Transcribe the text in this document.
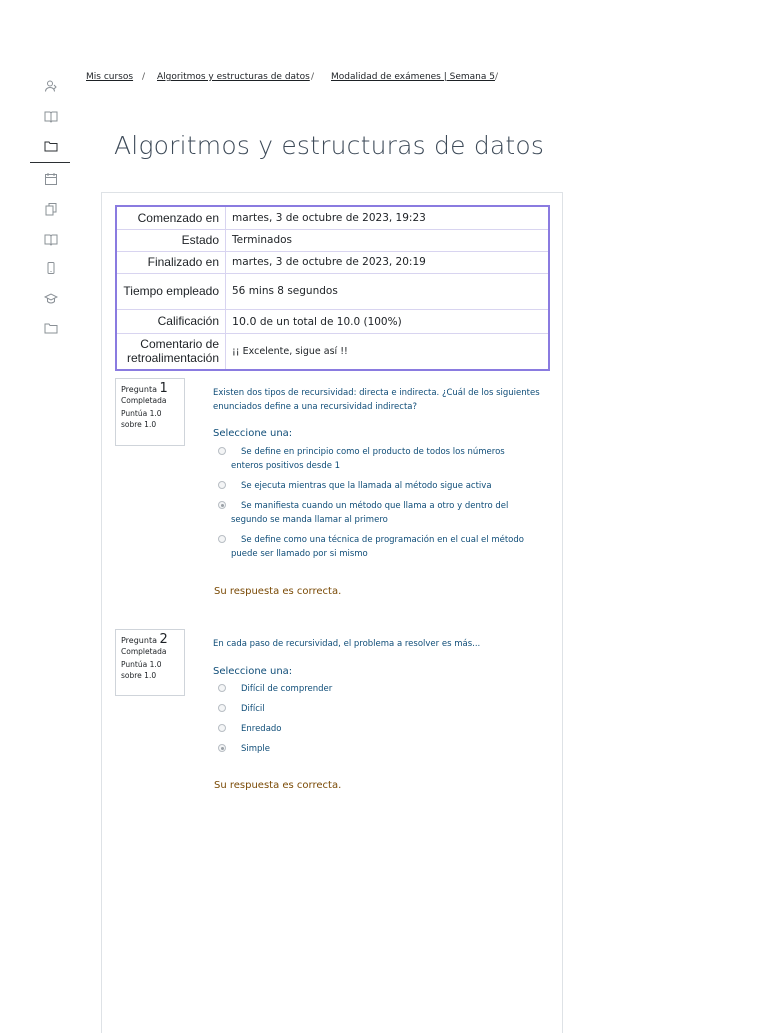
Mis cursos / Algoritmos y estructuras de datos / Modalidad de exámenes | Semana 5 /
Algoritmos y estructuras de datos
Comenzado en	martes, 3 de octubre de 2023, 19:23
Estado	Terminados
Finalizado en	martes, 3 de octubre de 2023, 20:19
Tiempo empleado	56 mins 8 segundos
Calificación	10.0 de un total de 10.0 (100%)
Comentario de retroalimentación	¡¡ Excelente, sigue así !!
Pregunta 1
Completada
Puntúa 1.0 sobre 1.0
Existen dos tipos de recursividad: directa e indirecta. ¿Cuál de los siguientes enunciados define a una recursividad indirecta?
Seleccione una:
Se define en principio como el producto de todos los números enteros positivos desde 1
Se ejecuta mientras que la llamada al método sigue activa
Se manifiesta cuando un método que llama a otro y dentro del segundo se manda llamar al primero
Se define como una técnica de programación en el cual el método puede ser llamado por si mismo
Su respuesta es correcta.
Pregunta 2
Completada
Puntúa 1.0 sobre 1.0
En cada paso de recursividad, el problema a resolver es más...
Seleccione una:
Difícil de comprender
Difícil
Enredado
Simple
Su respuesta es correcta.
